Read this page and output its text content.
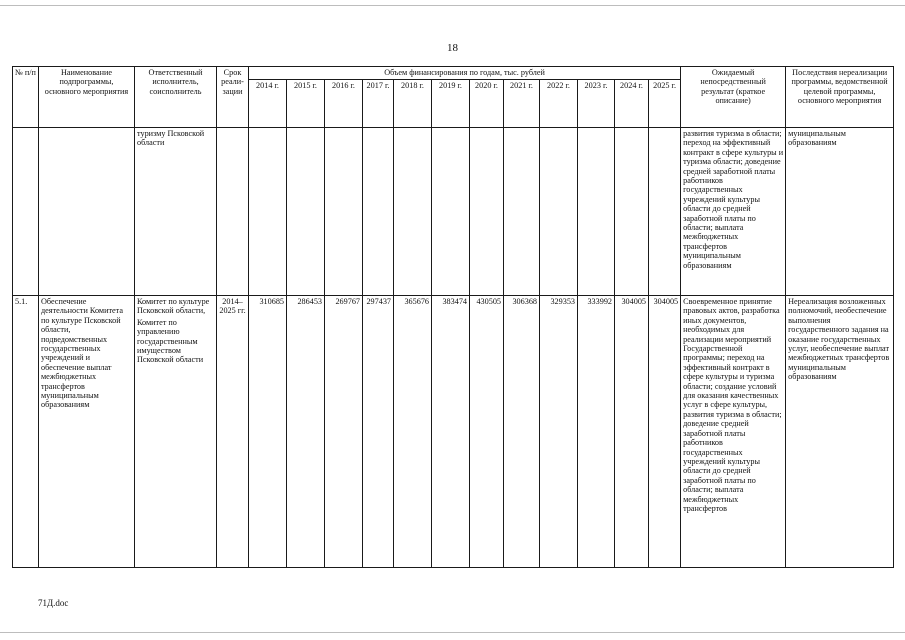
18
№ п/п	Наименование подпрограммы, основного мероприятия	Ответственный исполнитель, соисполнитель	Срок реали-зации	Объем финансирования по годам, тыс. рублей												Ожидаемый непосредственный результат (краткое описание)	Последствия нереализации программы, ведомственной целевой программы, основного мероприятия
				2014 г.	2015 г.	2016 г.	2017 г.	2018 г.	2019 г.	2020 г.	2021 г.	2022 г.	2023 г.	2024 г.	2025 г.		
		туризму Псковской области														развития туризма в области; переход на эффективный контракт в сфере культуры и туризма области; доведение средней заработной платы работников государственных учреждений культуры области до средней заработной платы по области; выплата межбюджетных трансфертов муниципальным образованиям	муниципальным образованиям
5.1.	Обеспечение деятельности Комитета по культуре Псковской области, подведомственных государственных учреждений и обеспечение выплат межбюджетных трансфертов муниципальным образованиям	Комитет по культуре Псковской области,
Комитет по управлению государственным имуществом Псковской области	2014–2025 гг.	310685	286453	269767	297437	365676	383474	430505	306368	329353	333992	304005	304005	Своевременное принятие правовых актов, разработка иных документов, необходимых для реализации мероприятий Государственной программы; переход на эффективный контракт в сфере культуры и туризма области; создание условий для оказания качественных услуг в сфере культуры, развития туризма в области; доведение средней заработной платы работников государственных учреждений культуры области до средней заработной платы по области; выплата межбюджетных трансфертов	Нереализация возложенных полномочий, необеспечение выполнения государственного задания на оказание государственных услуг, необеспечение выплат межбюджетных трансфертов муниципальным образованиям
71Д.doc
